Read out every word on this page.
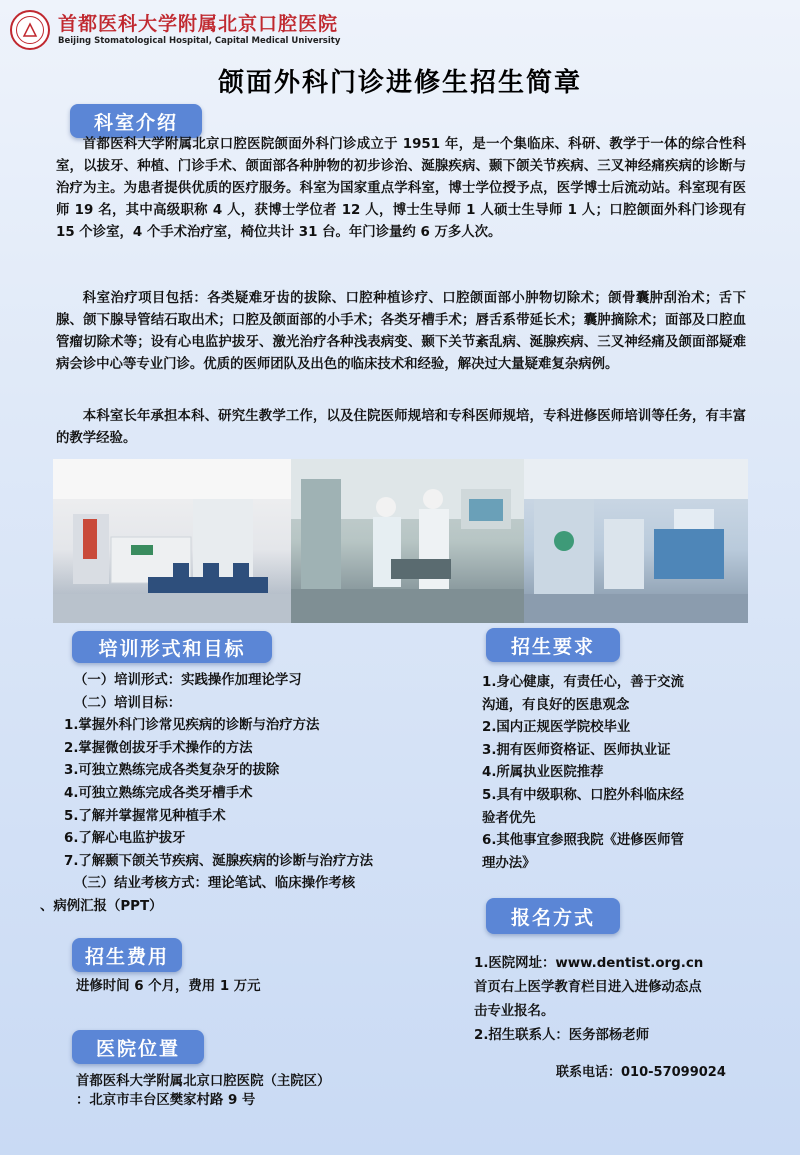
首都医科大学附属北京口腔医院
Beijing Stomatological Hospital, Capital Medical University
颌面外科门诊进修生招生简章
科室介绍
首都医科大学附属北京口腔医院颌面外科门诊成立于 1951 年，是一个集临床、科研、教学于一体的综合性科室，以拔牙、种植、门诊手术、颌面部各种肿物的初步诊治、涎腺疾病、颞下颌关节疾病、三叉神经痛疾病的诊断与治疗为主。为患者提供优质的医疗服务。科室为国家重点学科室，博士学位授予点，医学博士后流动站。科室现有医师 19 名，其中高级职称 4 人，获博士学位者 12 人，博士生导师 1 人硕士生导师 1 人；口腔颌面外科门诊现有 15 个诊室，4 个手术治疗室，椅位共计 31 台。年门诊量约 6 万多人次。
科室治疗项目包括：各类疑难牙齿的拔除、口腔种植诊疗、口腔颌面部小肿物切除术；颌骨囊肿刮治术；舌下腺、颌下腺导管结石取出术；口腔及颌面部的小手术；各类牙槽手术；唇舌系带延长术；囊肿摘除术；面部及口腔血管瘤切除术等；设有心电监护拔牙、激光治疗各种浅表病变、颞下关节紊乱病、涎腺疾病、三叉神经痛及颌面部疑难病会诊中心等专业门诊。优质的医师团队及出色的临床技术和经验，解决过大量疑难复杂病例。
本科室长年承担本科、研究生教学工作，以及住院医师规培和专科医师规培，专科进修医师培训等任务，有丰富的教学经验。
培训形式和目标
（一）培训形式：实践操作加理论学习
（二）培训目标：
1.掌握外科门诊常见疾病的诊断与治疗方法
2.掌握微创拔牙手术操作的方法
3.可独立熟练完成各类复杂牙的拔除
4.可独立熟练完成各类牙槽手术
5.了解并掌握常见种植手术
6.了解心电监护拔牙
7.了解颞下颌关节疾病、涎腺疾病的诊断与治疗方法
（三）结业考核方式：理论笔试、临床操作考核
、病例汇报（PPT）
招生要求
1.身心健康，有责任心，善于交流
沟通，有良好的医患观念
2.国内正规医学院校毕业
3.拥有医师资格证、医师执业证
4.所属执业医院推荐
5.具有中级职称、口腔外科临床经
验者优先
6.其他事宜参照我院《进修医师管
理办法》
报名方式
1.医院网址：www.dentist.org.cn
首页右上医学教育栏目进入进修动态点
击专业报名。
2.招生联系人：医务部杨老师
联系电话：010-57099024
招生费用
进修时间 6 个月，费用 1 万元
医院位置
首都医科大学附属北京口腔医院（主院区）
：北京市丰台区樊家村路 9 号
